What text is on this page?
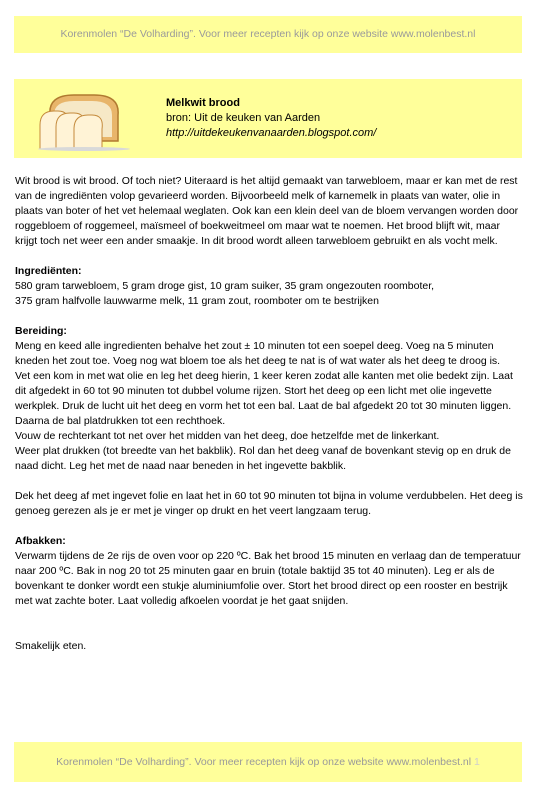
Korenmolen “De Volharding”. Voor meer recepten kijk op onze website www.molenbest.nl
Melkwit brood
bron: Uit de keuken van Aarden
http://uitdekeukenvanaarden.blogspot.com/

Wit brood is wit brood. Of toch niet? Uiteraard is het altijd gemaakt van tarwebloem, maar er kan met de rest van de ingrediënten volop gevarieerd worden. Bijvoorbeeld melk of karnemelk in plaats van water, olie in plaats van boter of het vet helemaal weglaten. Ook kan een klein deel van de bloem vervangen worden door roggebloem of roggemeel, maïsmeel of boekweitmeel om maar wat te noemen. Het brood blijft wit, maar krijgt toch net weer een ander smaakje. In dit brood wordt alleen tarwebloem gebruikt en als vocht melk.

Ingrediënten:

580 gram tarwebloem, 5 gram droge gist, 10 gram suiker, 35 gram ongezouten roomboter,

375 gram halfvolle lauwwarme melk, 11 gram zout, roomboter om te bestrijken

Bereiding:

Meng en keed alle ingredienten behalve het zout ± 10 minuten tot een soepel deeg. Voeg na 5 minuten kneden het zout toe. Voeg nog wat bloem toe als het deeg te nat is of wat water als het deeg te droog is.

Vet een kom in met wat olie en leg het deeg hierin, 1 keer keren zodat alle kanten met olie bedekt zijn. Laat dit afgedekt in 60 tot 90 minuten tot dubbel volume rijzen. Stort het deeg op een licht met olie ingevette werkplek. Druk de lucht uit het deeg en vorm het tot een bal. Laat de bal afgedekt 20 tot 30 minuten liggen. Daarna de bal platdrukken tot een rechthoek.

Vouw de rechterkant tot net over het midden van het deeg, doe hetzelfde met de linkerkant.

Weer plat drukken (tot breedte van het bakblik). Rol dan het deeg vanaf de bovenkant stevig op en druk de naad dicht. Leg het met de naad naar beneden in het ingevette bakblik.

Dek het deeg af met ingevet folie en laat het in 60 tot 90 minuten tot bijna in volume verdubbelen. Het deeg is genoeg gerezen als je er met je vinger op drukt en het veert langzaam terug.

Afbakken:

Verwarm tijdens de 2e rijs de oven voor op 220 ºC. Bak het brood 15 minuten en verlaag dan de temperatuur naar 200 ºC. Bak in nog 20 tot 25 minuten gaar en bruin (totale baktijd 35 tot 40 minuten). Leg er als de bovenkant te donker wordt een stukje aluminiumfolie over. Stort het brood direct op een rooster en bestrijk met wat zachte boter. Laat volledig afkoelen voordat je het gaat snijden.

Smakelijk eten.

Korenmolen “De Volharding”. Voor meer recepten kijk op onze website www.molenbest.nl 1
